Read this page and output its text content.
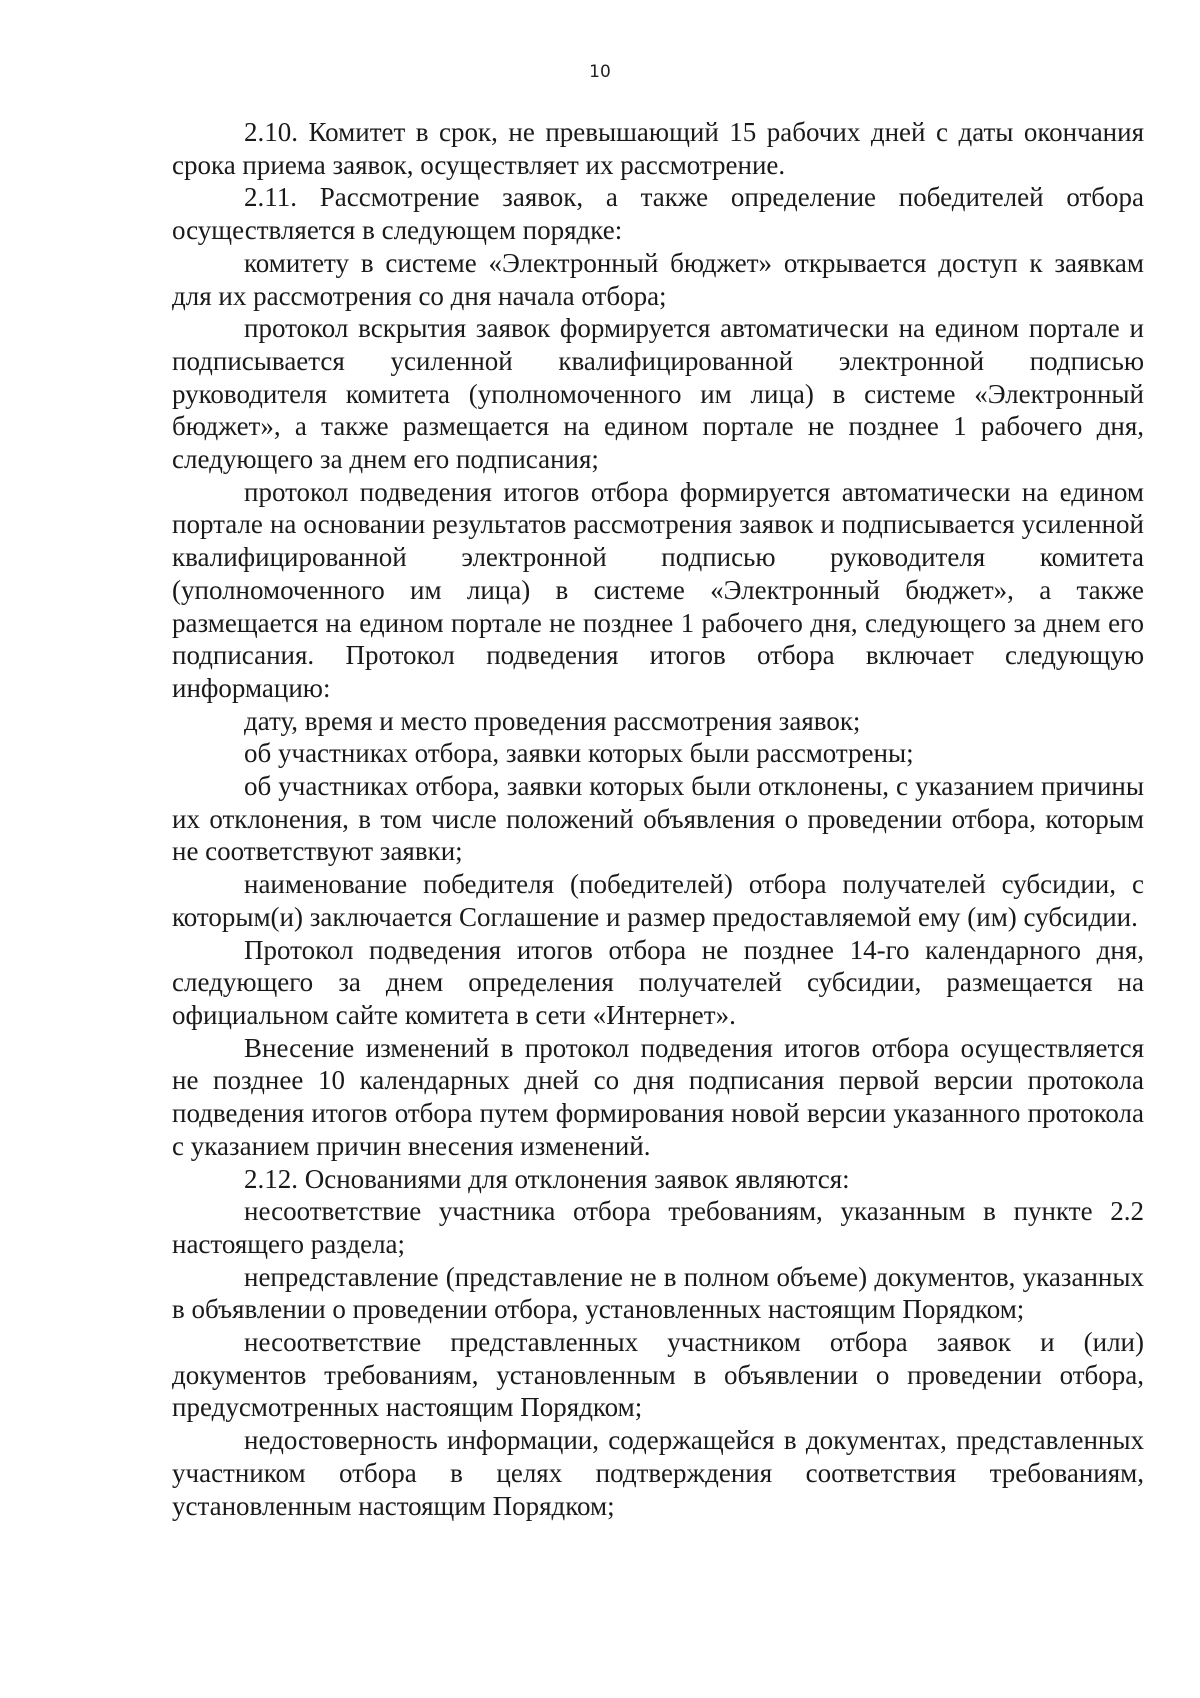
10

2.10. Комитет в срок, не превышающий 15 рабочих дней с даты окончания срока приема заявок, осуществляет их рассмотрение.

2.11. Рассмотрение заявок, а также определение победителей отбора осуществляется в следующем порядке:

комитету в системе «Электронный бюджет» открывается доступ к заявкам для их рассмотрения со дня начала отбора;

протокол вскрытия заявок формируется автоматически на едином портале и подписывается усиленной квалифицированной электронной подписью руководителя комитета (уполномоченного им лица) в системе «Электронный бюджет», а также размещается на едином портале не позднее 1 рабочего дня, следующего за днем его подписания;

протокол подведения итогов отбора формируется автоматически на едином портале на основании результатов рассмотрения заявок и подписывается усиленной квалифицированной электронной подписью руководителя комитета (уполномоченного им лица) в системе «Электронный бюджет», а также размещается на едином портале не позднее 1 рабочего дня, следующего за днем его подписания. Протокол подведения итогов отбора включает следующую информацию:

дату, время и место проведения рассмотрения заявок;

об участниках отбора, заявки которых были рассмотрены;

об участниках отбора, заявки которых были отклонены, с указанием причины их отклонения, в том числе положений объявления о проведении отбора, которым не соответствуют заявки;

наименование победителя (победителей) отбора получателей субсидии, с которым(и) заключается Соглашение и размер предоставляемой ему (им) субсидии.

Протокол подведения итогов отбора не позднее 14-го календарного дня, следующего за днем определения получателей субсидии, размещается на официальном сайте комитета в сети «Интернет».

Внесение изменений в протокол подведения итогов отбора осуществляется не позднее 10 календарных дней со дня подписания первой версии протокола подведения итогов отбора путем формирования новой версии указанного протокола с указанием причин внесения изменений.

2.12. Основаниями для отклонения заявок являются:

несоответствие участника отбора требованиям, указанным в пункте 2.2 настоящего раздела;

непредставление (представление не в полном объеме) документов, указанных в объявлении о проведении отбора, установленных настоящим Порядком;

несоответствие представленных участником отбора заявок и (или) документов требованиям, установленным в объявлении о проведении отбора, предусмотренных настоящим Порядком;

недостоверность информации, содержащейся в документах, представленных участником отбора в целях подтверждения соответствия требованиям, установленным настоящим Порядком;
